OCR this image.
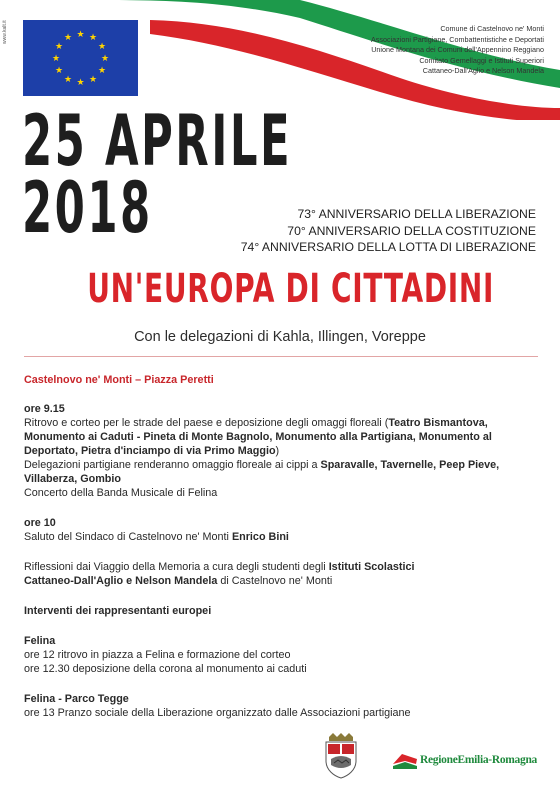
www.kalt.it	★ ★
★
★
★
★
★
★
★
★
★
★
Comune di Castelnovo ne' Monti
Associazioni Partigiane, Combattentistiche e Deportati
Unione Montana dei Comuni dell'Appennino Reggiano
Comitato Gemellaggi e Istituti Superiori
Cattaneo-Dall'Aglio e Nelson Mandela
25 APRILE
2018	73° ANNIVERSARIO DELLA LIBERAZIONE
70° ANNIVERSARIO DELLA COSTITUZIONE
74° ANNIVERSARIO DELLA LOTTA DI LIBERAZIONE
UN'EUROPA DI CITTADINI
Con le delegazioni di Kahla, Illingen, Voreppe
Castelnovo ne' Monti – Piazza Peretti
ore 9.15
Ritrovo e corteo per le strade del paese e deposizione degli omaggi floreali (Teatro Bismantova,
Monumento ai Caduti - Pineta di Monte Bagnolo, Monumento alla Partigiana, Monumento al
Deportato, Pietra d'inciampo di via Primo Maggio)
Delegazioni partigiane renderanno omaggio floreale ai cippi a Sparavalle, Tavernelle, Peep Pieve,
Villaberza, Gombio
Concerto della Banda Musicale di Felina
ore 10
Saluto del Sindaco di Castelnovo ne' Monti Enrico Bini
Riflessioni dai Viaggio della Memoria a cura degli studenti degli Istituti Scolastici
Cattaneo-Dall'Aglio e Nelson Mandela di Castelnovo ne' Monti
Interventi dei rappresentanti europei
Felina
ore 12 ritrovo in piazza a Felina e formazione del corteo
ore 12.30 deposizione della corona al monumento ai caduti
Felina - Parco Tegge
ore 13 Pranzo sociale della Liberazione organizzato dalle Associazioni partigiane
RegioneEmilia-Romagna
